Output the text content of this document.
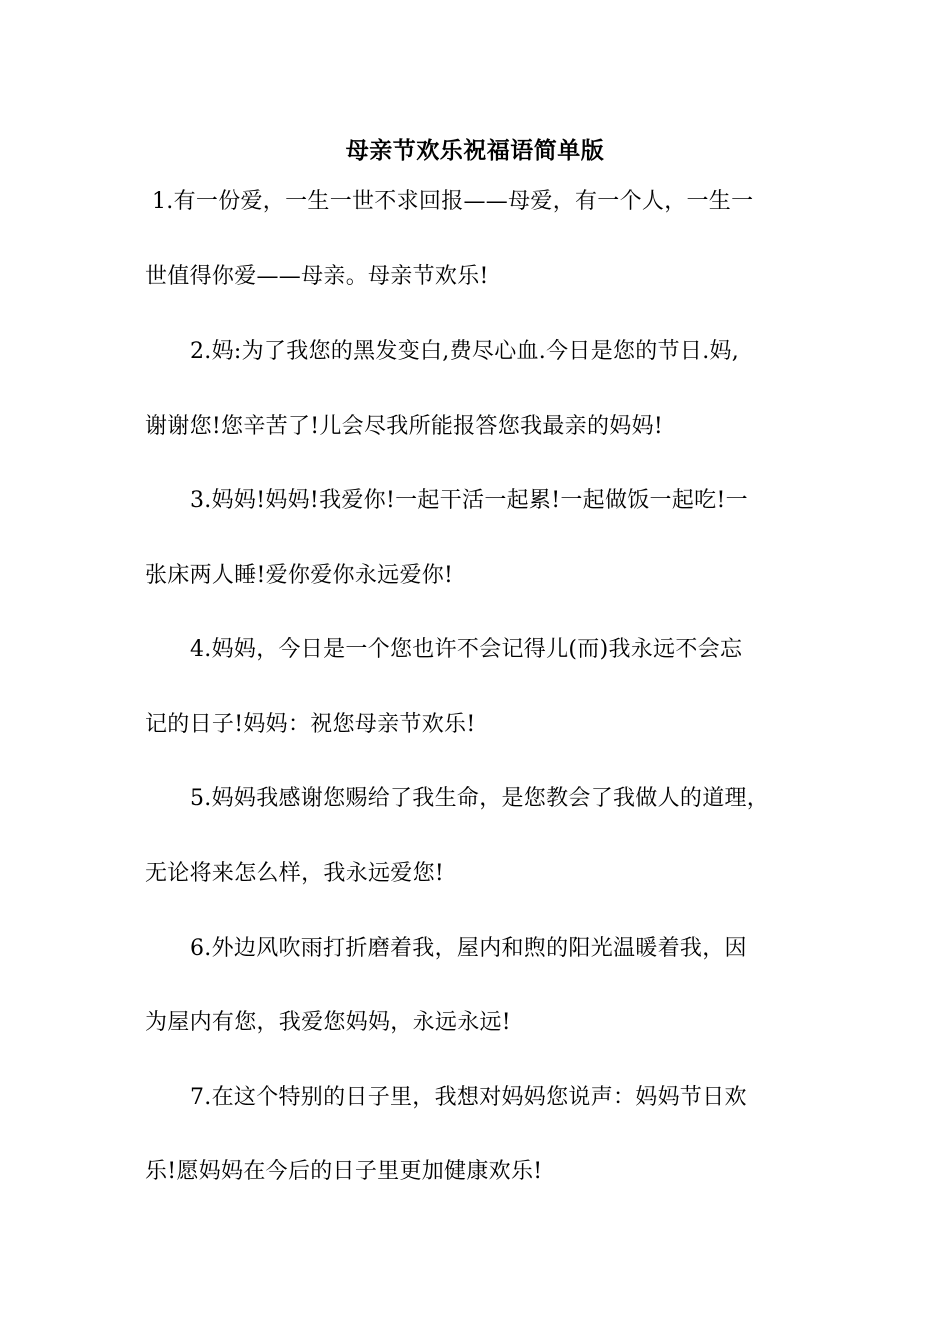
母亲节欢乐祝福语简单版
1.有一份爱，一生一世不求回报——母爱，有一个人，一生一
世值得你爱——母亲。母亲节欢乐!
2.妈:为了我您的黑发变白,费尽心血.今日是您的节日.妈,
谢谢您!您辛苦了!儿会尽我所能报答您我最亲的妈妈!
3.妈妈!妈妈!我爱你!一起干活一起累!一起做饭一起吃!一
张床两人睡!爱你爱你永远爱你!
4.妈妈，今日是一个您也许不会记得儿(而)我永远不会忘
记的日子!妈妈：祝您母亲节欢乐!
5.妈妈我感谢您赐给了我生命，是您教会了我做人的道理，
无论将来怎么样，我永远爱您!
6.外边风吹雨打折磨着我，屋内和煦的阳光温暖着我，因
为屋内有您，我爱您妈妈，永远永远!
7.在这个特别的日子里，我想对妈妈您说声：妈妈节日欢
乐!愿妈妈在今后的日子里更加健康欢乐!
